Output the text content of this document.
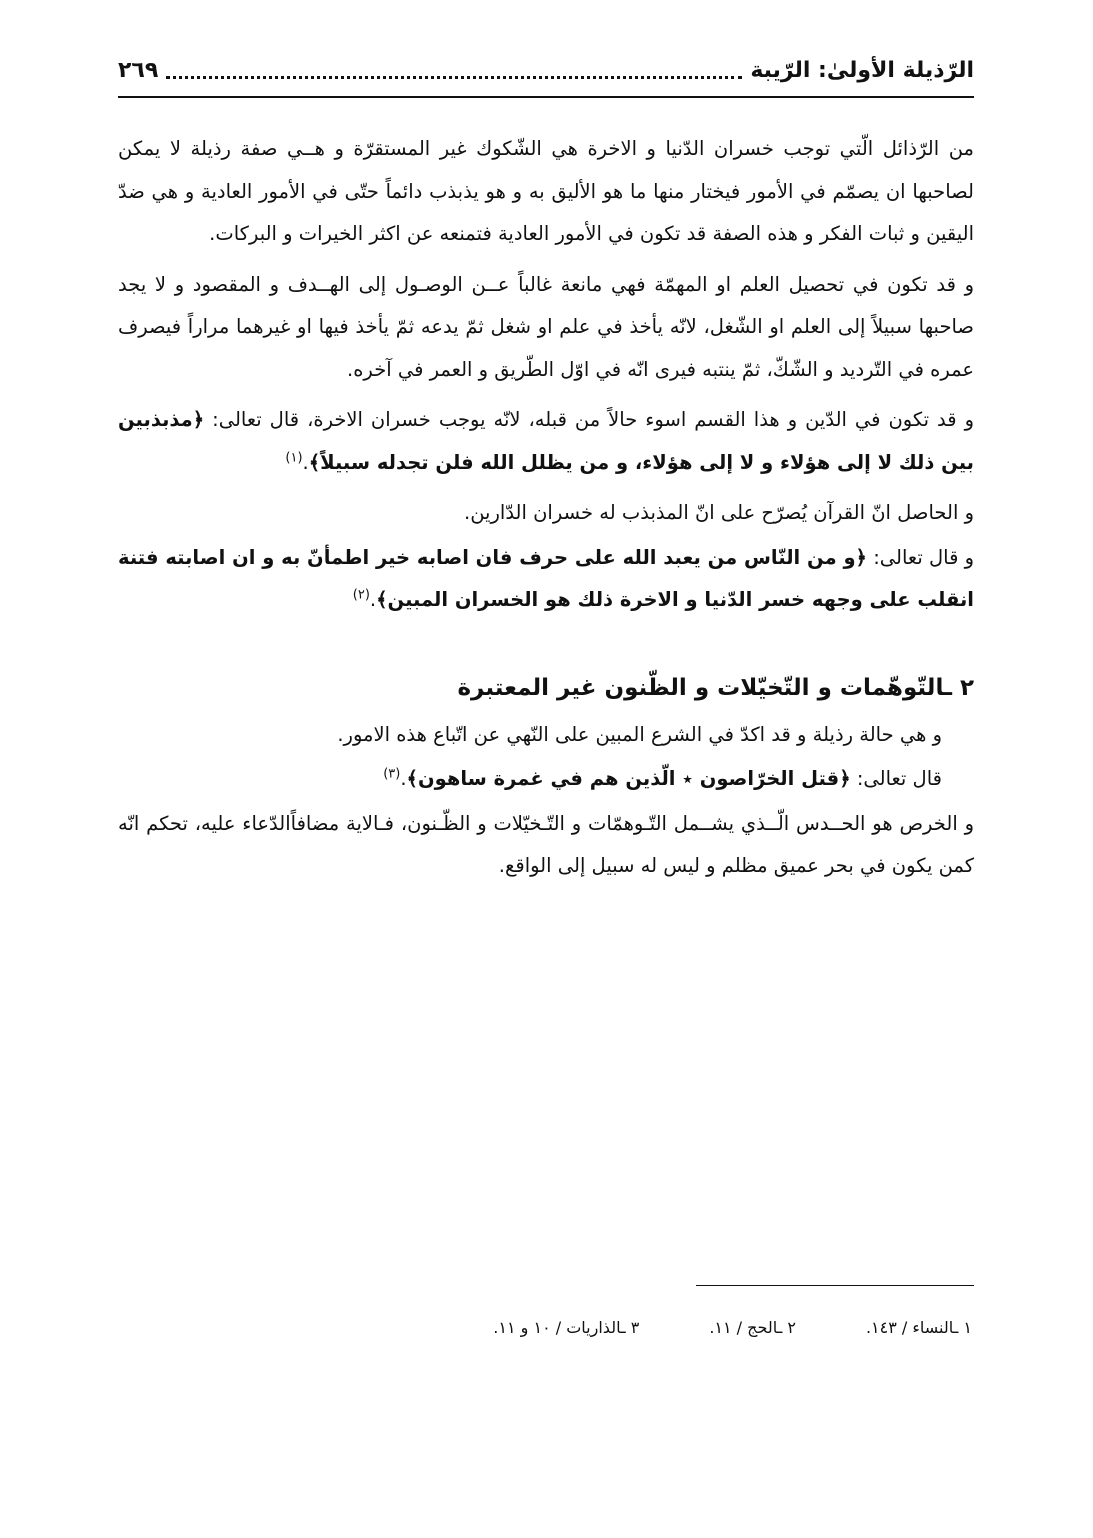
الرّذيلة الأولىٰ: الرّيبة
٢٦٩

من الرّذائل الّتي توجب خسران الدّنيا و الاخرة هي الشّكوك غير المستقرّة و هــي صفة رذيلة لا يمكن لصاحبها ان يصمّم في الأمور فيختار منها ما هو الأليق به و هو يذبذب دائماً حتّى في الأمور العادية و هي ضدّ اليقين و ثبات الفكر و هذه الصفة قد تكون في الأمور العادية فتمنعه عن اكثر الخيرات و البركات.

و قد تكون في تحصيل العلم او المهمّة فهي مانعة غالباً عــن الوصـول إلى الهــدف و المقصود و لا يجد صاحبها سبيلاً إلى العلم او الشّغل، لانّه يأخذ في علم او شغل ثمّ يدعه ثمّ يأخذ فيها او غيرهما مراراً فيصرف عمره في التّرديد و الشّكّ، ثمّ ينتبه فيرى انّه في اوّل الطّريق و العمر في آخره.

و قد تكون في الدّين و هذا القسم اسوء حالاً من قبله، لانّه يوجب خسران الاخرة، قال تعالى: ﴿مذبذبين بين ذلك لا إلى هؤلاء و لا إلى هؤلاء، و من يظلل الله فلن تجدله سبيلاً﴾.$^{(١)}$

و الحاصل انّ القرآن يُصرّح على انّ المذبذب له خسران الدّارين.

و قال تعالى: ﴿و من النّاس من يعبد الله على حرف فان اصابه خير اطمأنّ به و ان اصابته فتنة انقلب على وجهه خسر الدّنيا و الاخرة ذلك هو الخسران المبين﴾.$^{(٢)}$

٢ ـالتّوهّمات و التّخيّلات و الظّنون غير المعتبرة

و هي حالة رذيلة و قد اكدّ في الشرع المبين على النّهي عن اتّباع هذه الامور.

قال تعالى: ﴿قتل الخرّاصون ٭ الّذين هم في غمرة ساهون﴾.$^{(٣)}$

و الخرص هو الحــدس الّــذي يشــمل التّـوهمّات و التّـخيّلات و الظّـنون، فـالاية مضافاًالدّعاء عليه، تحكم انّه كمن يكون في بحر عميق مظلم و ليس له سبيل إلى الواقع.

١ ـالنساء / ١٤٣.
٢ ـالحج / ١١.
٣ ـالذاريات / ١٠ و ١١.
